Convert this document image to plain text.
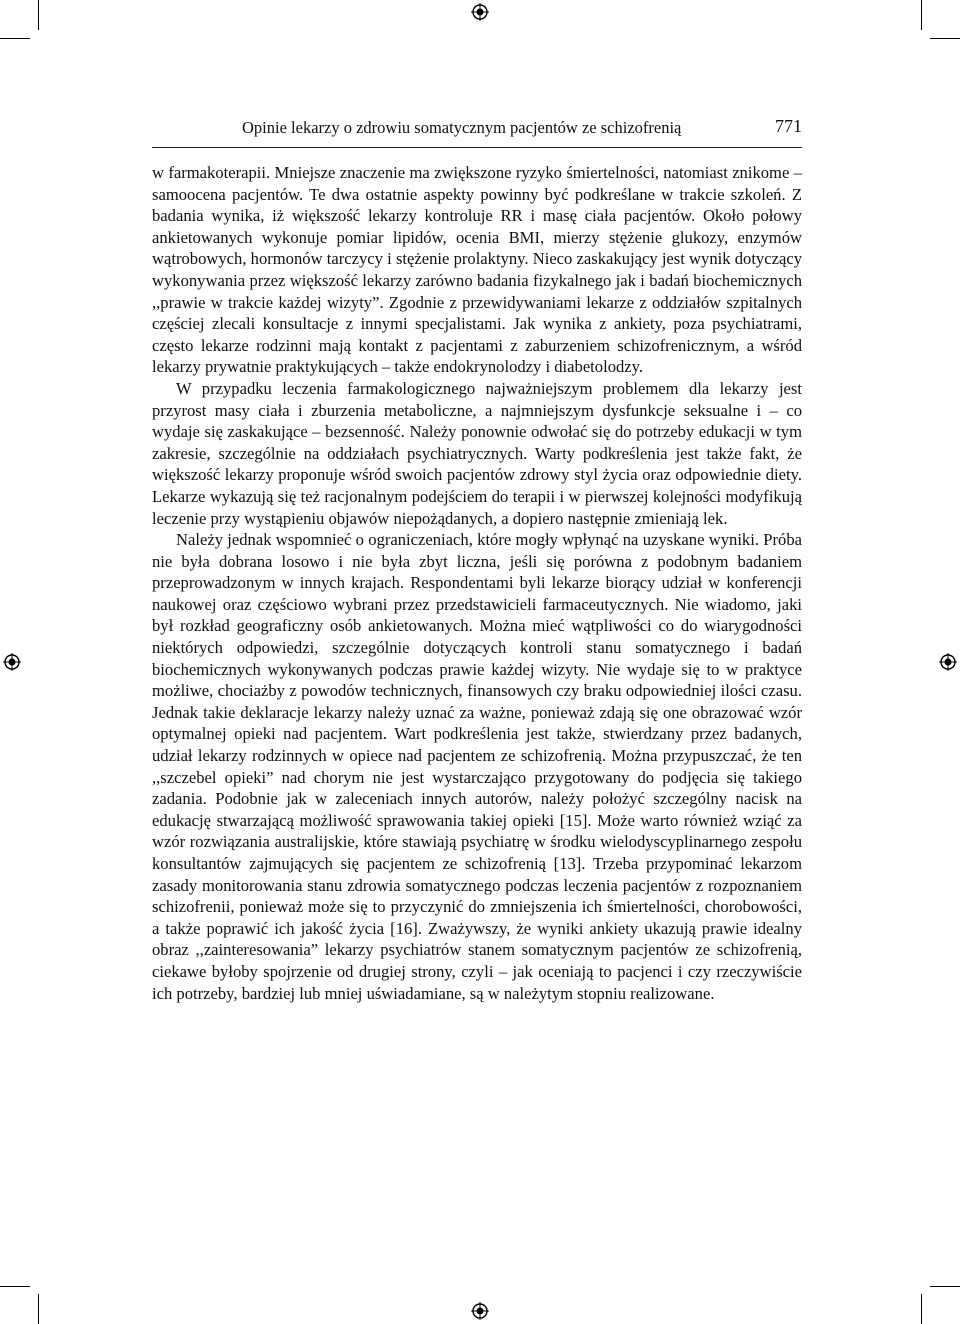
Opinie lekarzy o zdrowiu somatycznym pacjentów ze schizofrenią	771

w farmakoterapii. Mniejsze znaczenie ma zwiększone ryzyko śmiertelności, natomiast znikome – samoocena pacjentów. Te dwa ostatnie aspekty powinny być podkreślane w trakcie szkoleń. Z badania wynika, iż większość lekarzy kontroluje RR i masę ciała pacjentów. Około połowy ankietowanych wykonuje pomiar lipidów, ocenia BMI, mierzy stężenie glukozy, enzymów wątrobowych, hormonów tarczycy i stężenie prolaktyny. Nieco zaskakujący jest wynik dotyczący wykonywania przez większość lekarzy zarówno badania fizykalnego jak i badań biochemicznych ,,prawie w trakcie każdej wizyty”. Zgodnie z przewidywaniami lekarze z oddziałów szpitalnych częściej zlecali konsultacje z innymi specjalistami. Jak wynika z ankiety, poza psychiatrami, często lekarze rodzinni mają kontakt z pacjentami z zaburzeniem schizofrenicznym, a wśród lekarzy prywatnie praktykujących – także endokrynolodzy i diabetolodzy.

W przypadku leczenia farmakologicznego najważniejszym problemem dla lekarzy jest przyrost masy ciała i zburzenia metaboliczne, a najmniejszym dysfunkcje seksualne i – co wydaje się zaskakujące – bezsenność. Należy ponownie odwołać się do potrzeby edukacji w tym zakresie, szczególnie na oddziałach psychiatrycznych. Warty podkreślenia jest także fakt, że większość lekarzy proponuje wśród swoich pacjentów zdrowy styl życia oraz odpowiednie diety. Lekarze wykazują się też racjonalnym podejściem do terapii i w pierwszej kolejności modyfikują leczenie przy wystąpieniu objawów niepożądanych, a dopiero następnie zmieniają lek.

Należy jednak wspomnieć o ograniczeniach, które mogły wpłynąć na uzyskane wyniki. Próba nie była dobrana losowo i nie była zbyt liczna, jeśli się porówna z podobnym badaniem przeprowadzonym w innych krajach. Respondentami byli lekarze biorący udział w konferencji naukowej oraz częściowo wybrani przez przedstawicieli farmaceutycznych. Nie wiadomo, jaki był rozkład geograficzny osób ankietowanych. Można mieć wątpliwości co do wiarygodności niektórych odpowiedzi, szczególnie dotyczących kontroli stanu somatycznego i badań biochemicznych wykonywanych podczas prawie każdej wizyty. Nie wydaje się to w praktyce możliwe, chociażby z powodów technicznych, finansowych czy braku odpowiedniej ilości czasu. Jednak takie deklaracje lekarzy należy uznać za ważne, ponieważ zdają się one obrazować wzór optymalnej opieki nad pacjentem. Wart podkreślenia jest także, stwierdzany przez badanych, udział lekarzy rodzinnych w opiece nad pacjentem ze schizofrenią. Można przypuszczać, że ten ,,szczebel opieki” nad chorym nie jest wystarczająco przygotowany do podjęcia się takiego zadania. Podobnie jak w zaleceniach innych autorów, należy położyć szczególny nacisk na edukację stwarzającą możliwość sprawowania takiej opieki [15]. Może warto również wziąć za wzór rozwiązania australijskie, które stawiają psychiatrę w środku wielodyscyplinarnego zespołu konsultantów zajmujących się pacjentem ze schizofrenią [13]. Trzeba przypominać lekarzom zasady monitorowania stanu zdrowia somatycznego podczas leczenia pacjentów z rozpoznaniem schizofrenii, ponieważ może się to przyczynić do zmniejszenia ich śmiertelności, chorobowości, a także poprawić ich jakość życia [16]. Zważywszy, że wyniki ankiety ukazują prawie idealny obraz ,,zainteresowania” lekarzy psychiatrów stanem somatycznym pacjentów ze schizofrenią, ciekawe byłoby spojrzenie od drugiej strony, czyli – jak oceniają to pacjenci i czy rzeczywiście ich potrzeby, bardziej lub mniej uświadamiane, są w należytym stopniu realizowane.
